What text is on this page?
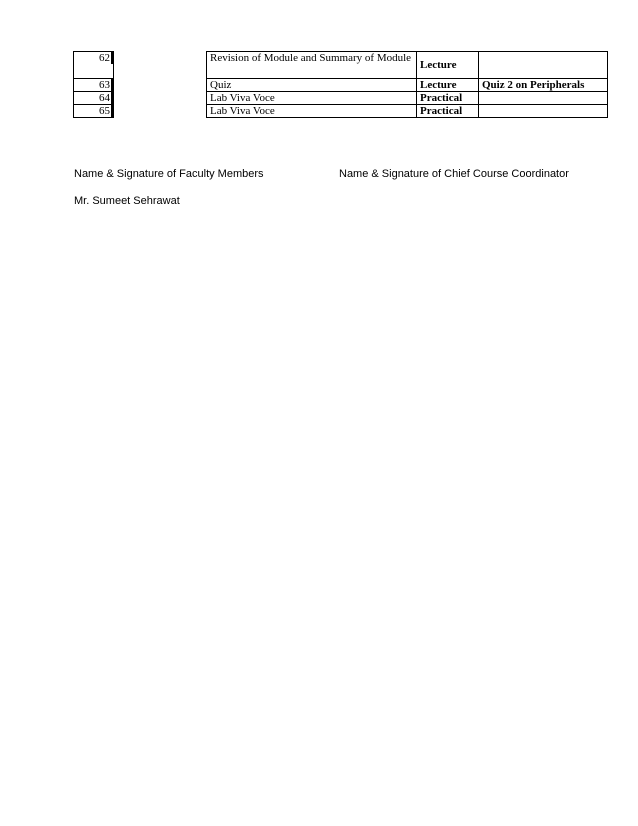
62		Revision of Module and Summary of Module	Lecture	
63		Quiz	Lecture	Quiz 2 on Peripherals
64		Lab Viva Voce	Practical	
65		Lab Viva Voce	Practical	
Name & Signature of Faculty Members	Name & Signature of Chief Course Coordinator
Mr. Sumeet Sehrawat
